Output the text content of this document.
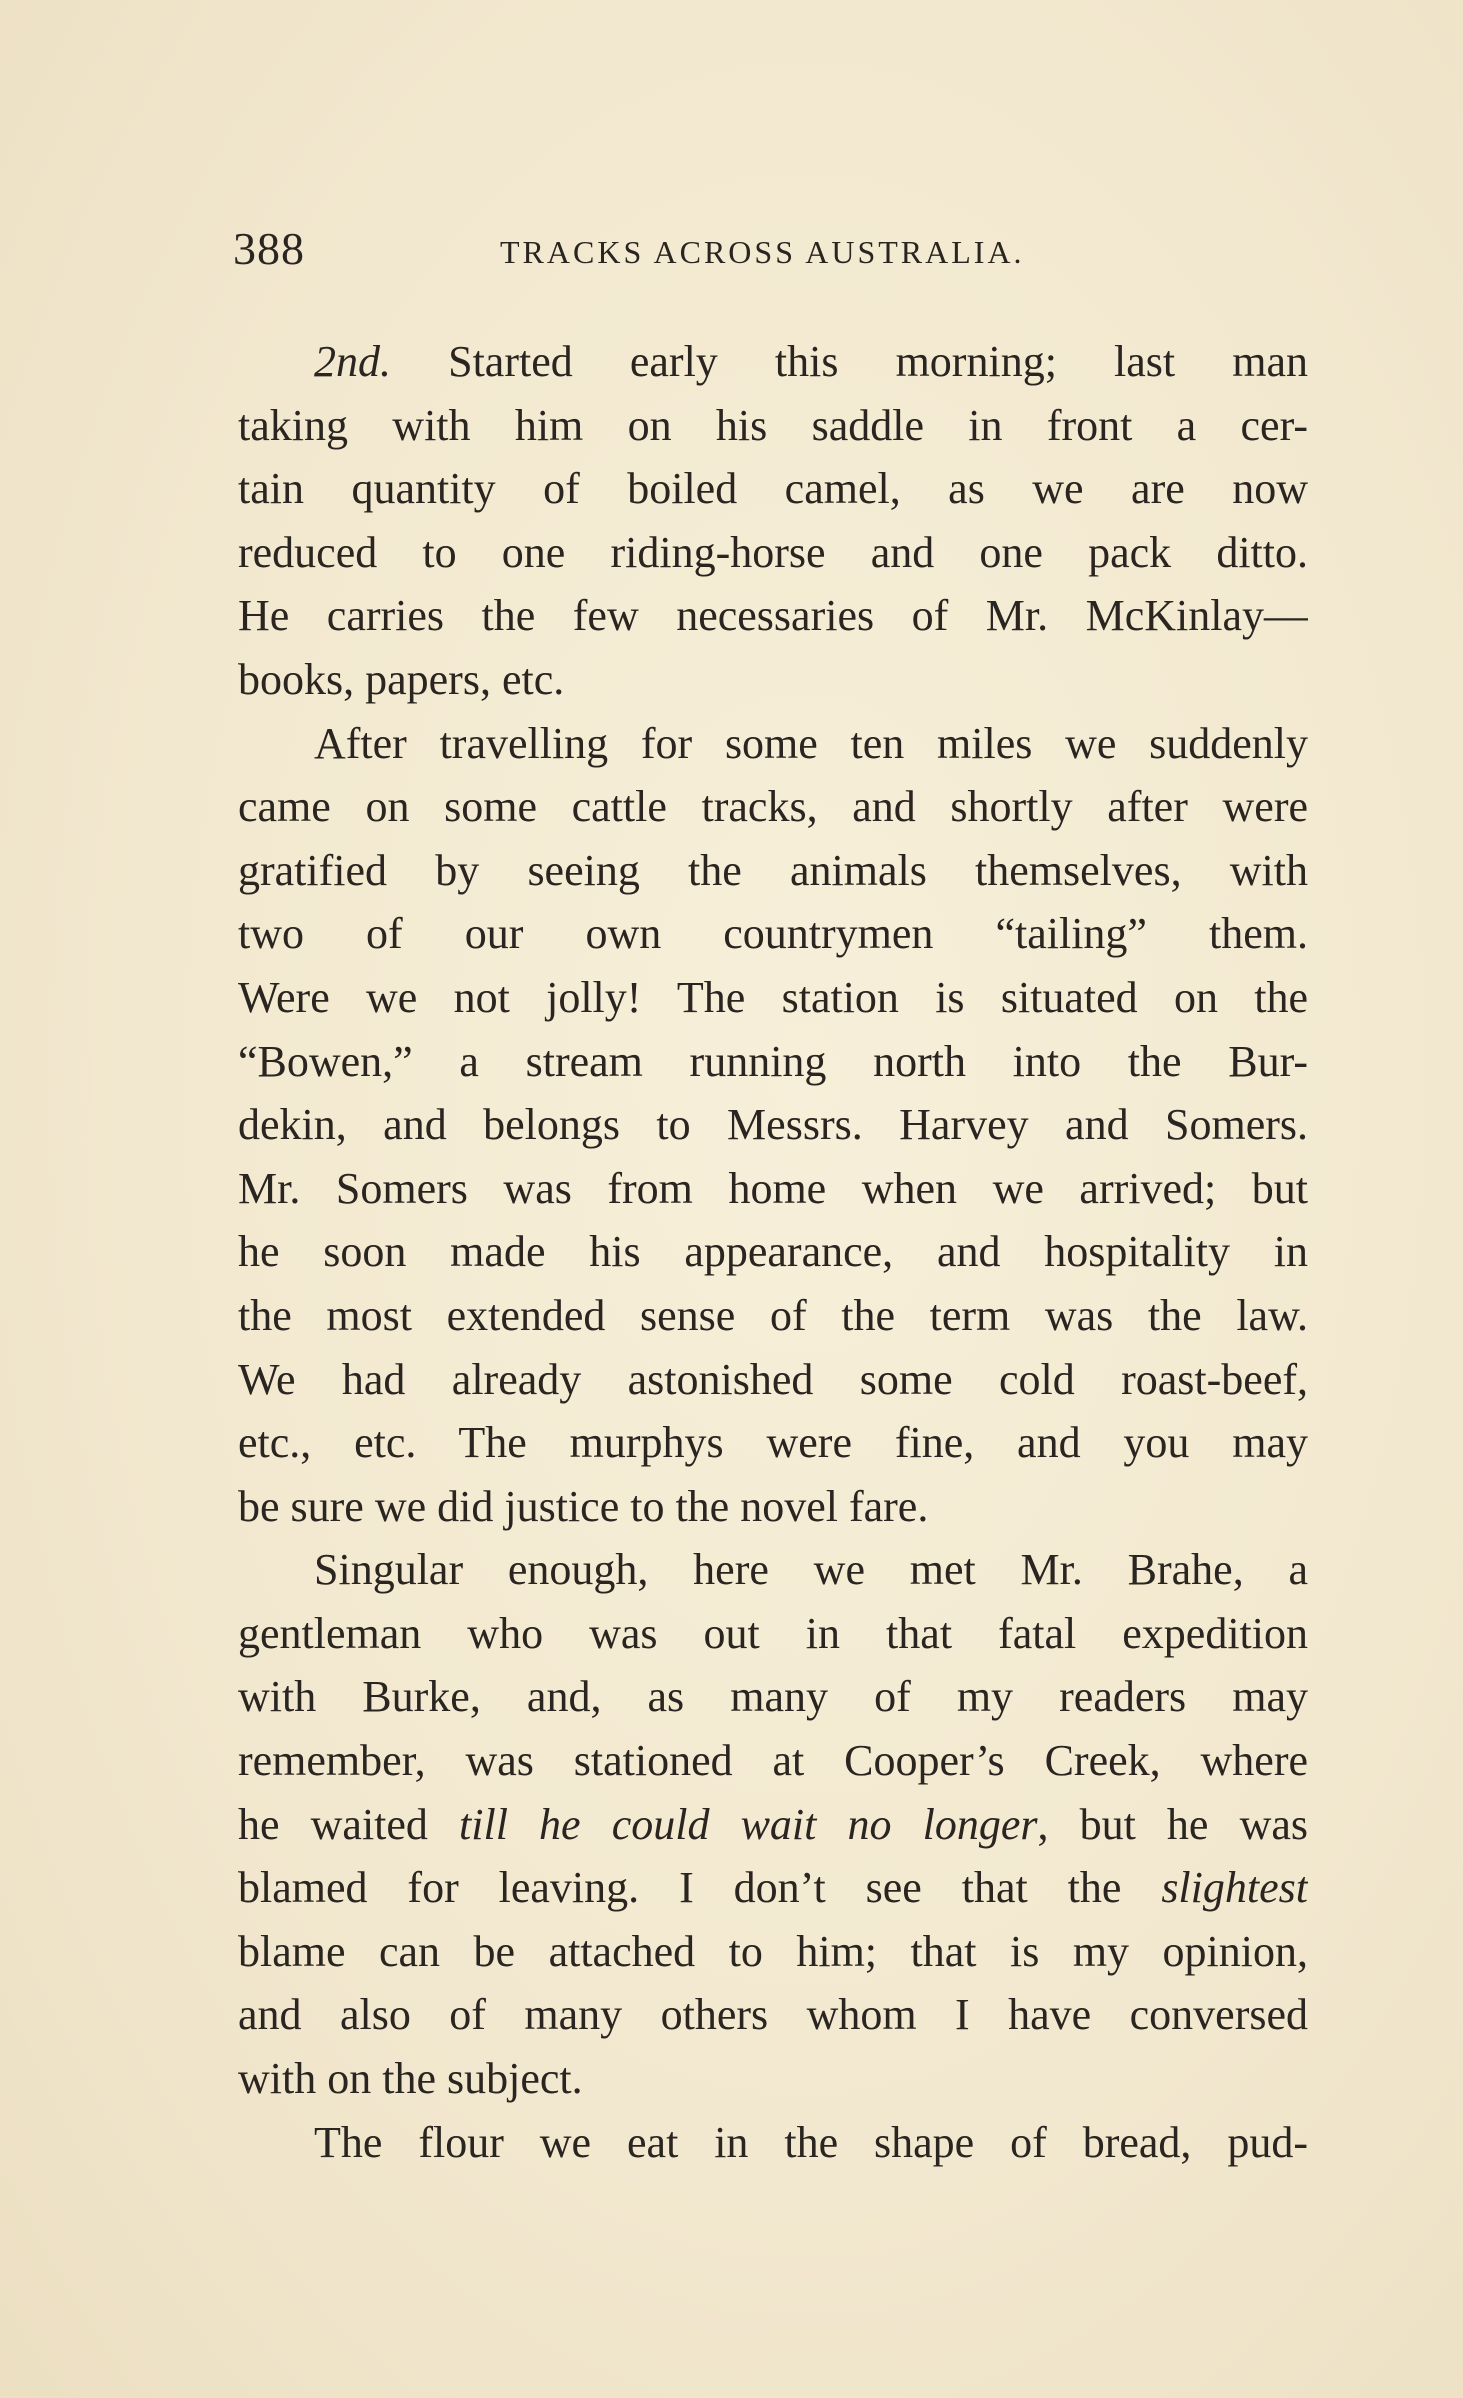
388	TRACKS ACROSS AUSTRALIA.
2nd. Started early this morning; last man
taking with him on his saddle in front a cer-
tain quantity of boiled camel, as we are now
reduced to one riding-horse and one pack ditto.
He carries the few necessaries of Mr. McKinlay—
books, papers, etc.
After travelling for some ten miles we suddenly
came on some cattle tracks, and shortly after were
gratified by seeing the animals themselves, with
two of our own countrymen “tailing” them.
Were we not jolly! The station is situated on the
“Bowen,” a stream running north into the Bur-
dekin, and belongs to Messrs. Harvey and Somers.
Mr. Somers was from home when we arrived; but
he soon made his appearance, and hospitality in
the most extended sense of the term was the law.
We had already astonished some cold roast-beef,
etc., etc. The murphys were fine, and you may
be sure we did justice to the novel fare.
Singular enough, here we met Mr. Brahe, a
gentleman who was out in that fatal expedition
with Burke, and, as many of my readers may
remember, was stationed at Cooper’s Creek, where
he waited till he could wait no longer, but he was
blamed for leaving. I don’t see that the slightest
blame can be attached to him; that is my opinion,
and also of many others whom I have conversed
with on the subject.
The flour we eat in the shape of bread, pud-
